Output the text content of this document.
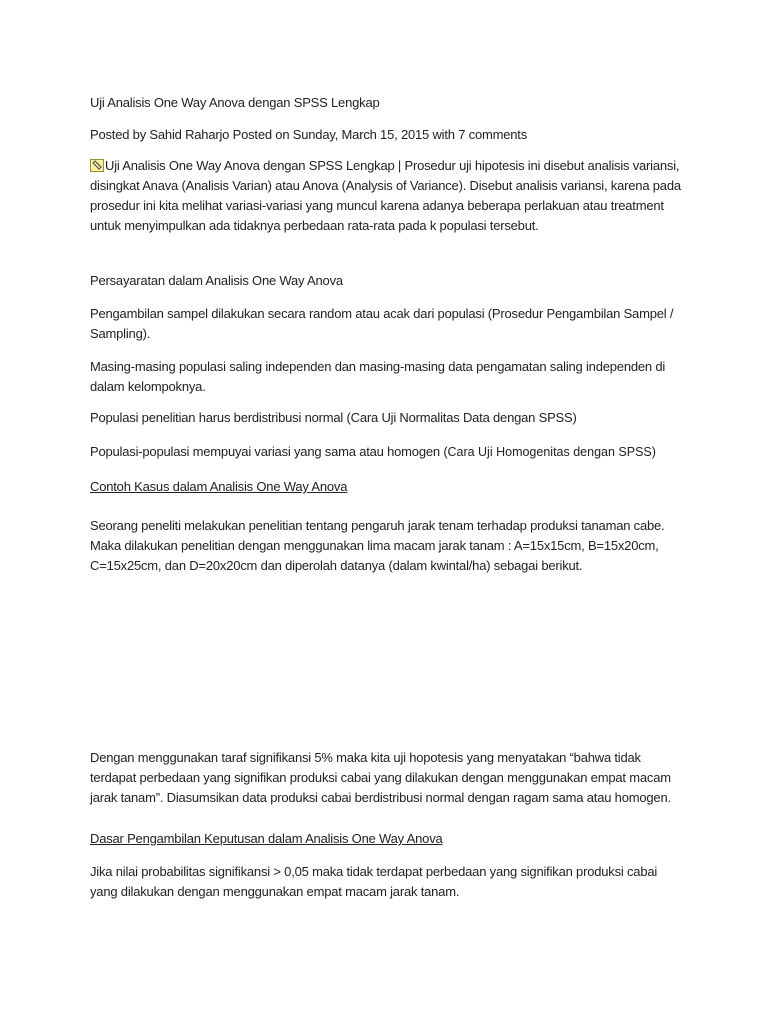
Uji Analisis One Way Anova dengan SPSS Lengkap

Posted by Sahid Raharjo Posted on Sunday, March 15, 2015 with 7 comments

Uji Analisis One Way Anova dengan SPSS Lengkap | Prosedur uji hipotesis ini disebut analisis variansi,
disingkat Anava (Analisis Varian) atau Anova (Analysis of Variance). Disebut analisis variansi, karena pada
prosedur ini kita melihat variasi-variasi yang muncul karena adanya beberapa perlakuan atau treatment
untuk menyimpulkan ada tidaknya perbedaan rata-rata pada k populasi tersebut.

Persayaratan dalam Analisis One Way Anova

Pengambilan sampel dilakukan secara random atau acak dari populasi (Prosedur Pengambilan Sampel /
Sampling).
Masing-masing populasi saling independen dan masing-masing data pengamatan saling independen di
dalam kelompoknya.

Populasi penelitian harus berdistribusi normal (Cara Uji Normalitas Data dengan SPSS)

Populasi-populasi mempuyai variasi yang sama atau homogen (Cara Uji Homogenitas dengan SPSS)

Contoh Kasus dalam Analisis One Way Anova

Seorang peneliti melakukan penelitian tentang pengaruh jarak tenam terhadap produksi tanaman cabe.
Maka dilakukan penelitian dengan menggunakan lima macam jarak tanam : A=15x15cm, B=15x20cm,
C=15x25cm, dan D=20x20cm dan diperolah datanya (dalam kwintal/ha) sebagai berikut.
Dengan menggunakan taraf signifikansi 5% maka kita uji hopotesis yang menyatakan “bahwa tidak
terdapat perbedaan yang signifikan produksi cabai yang dilakukan dengan menggunakan empat macam
jarak tanam”. Diasumsikan data produksi cabai berdistribusi normal dengan ragam sama atau homogen.

Dasar Pengambilan Keputusan dalam Analisis One Way Anova

Jika nilai probabilitas signifikansi > 0,05 maka tidak terdapat perbedaan yang signifikan produksi cabai
yang dilakukan dengan menggunakan empat macam jarak tanam.
